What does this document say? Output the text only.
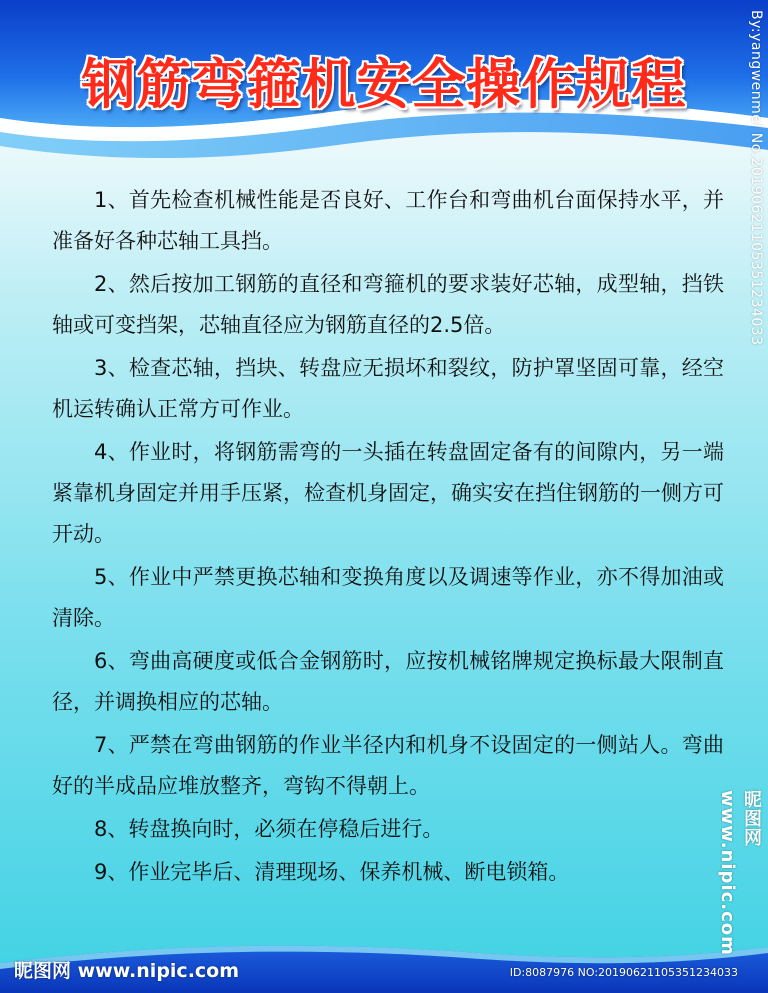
钢筋弯箍机安全操作规程

1、首先检查机械性能是否良好、工作台和弯曲机台面保持水平，并准备好各种芯轴工具挡。

2、然后按加工钢筋的直径和弯箍机的要求装好芯轴，成型轴，挡铁轴或可变挡架，芯轴直径应为钢筋直径的2.5倍。

3、检查芯轴，挡块、转盘应无损坏和裂纹，防护罩坚固可靠，经空机运转确认正常方可作业。

4、作业时，将钢筋需弯的一头插在转盘固定备有的间隙内，另一端紧靠机身固定并用手压紧，检查机身固定，确实安在挡住钢筋的一侧方可开动。

5、作业中严禁更换芯轴和变换角度以及调速等作业，亦不得加油或清除。

6、弯曲高硬度或低合金钢筋时，应按机械铭牌规定换标最大限制直径，并调换相应的芯轴。

7、严禁在弯曲钢筋的作业半径内和机身不设固定的一侧站人。弯曲好的半成品应堆放整齐，弯钩不得朝上。

8、转盘换向时，必须在停稳后进行。

9、作业完毕后、清理现场、保养机械、断电锁箱。

By:yangwenmei No.20190621105351234033
昵图网 www.nipic.com
昵图网 www.nipic.com	ID:8087976 NO:20190621105351234033
